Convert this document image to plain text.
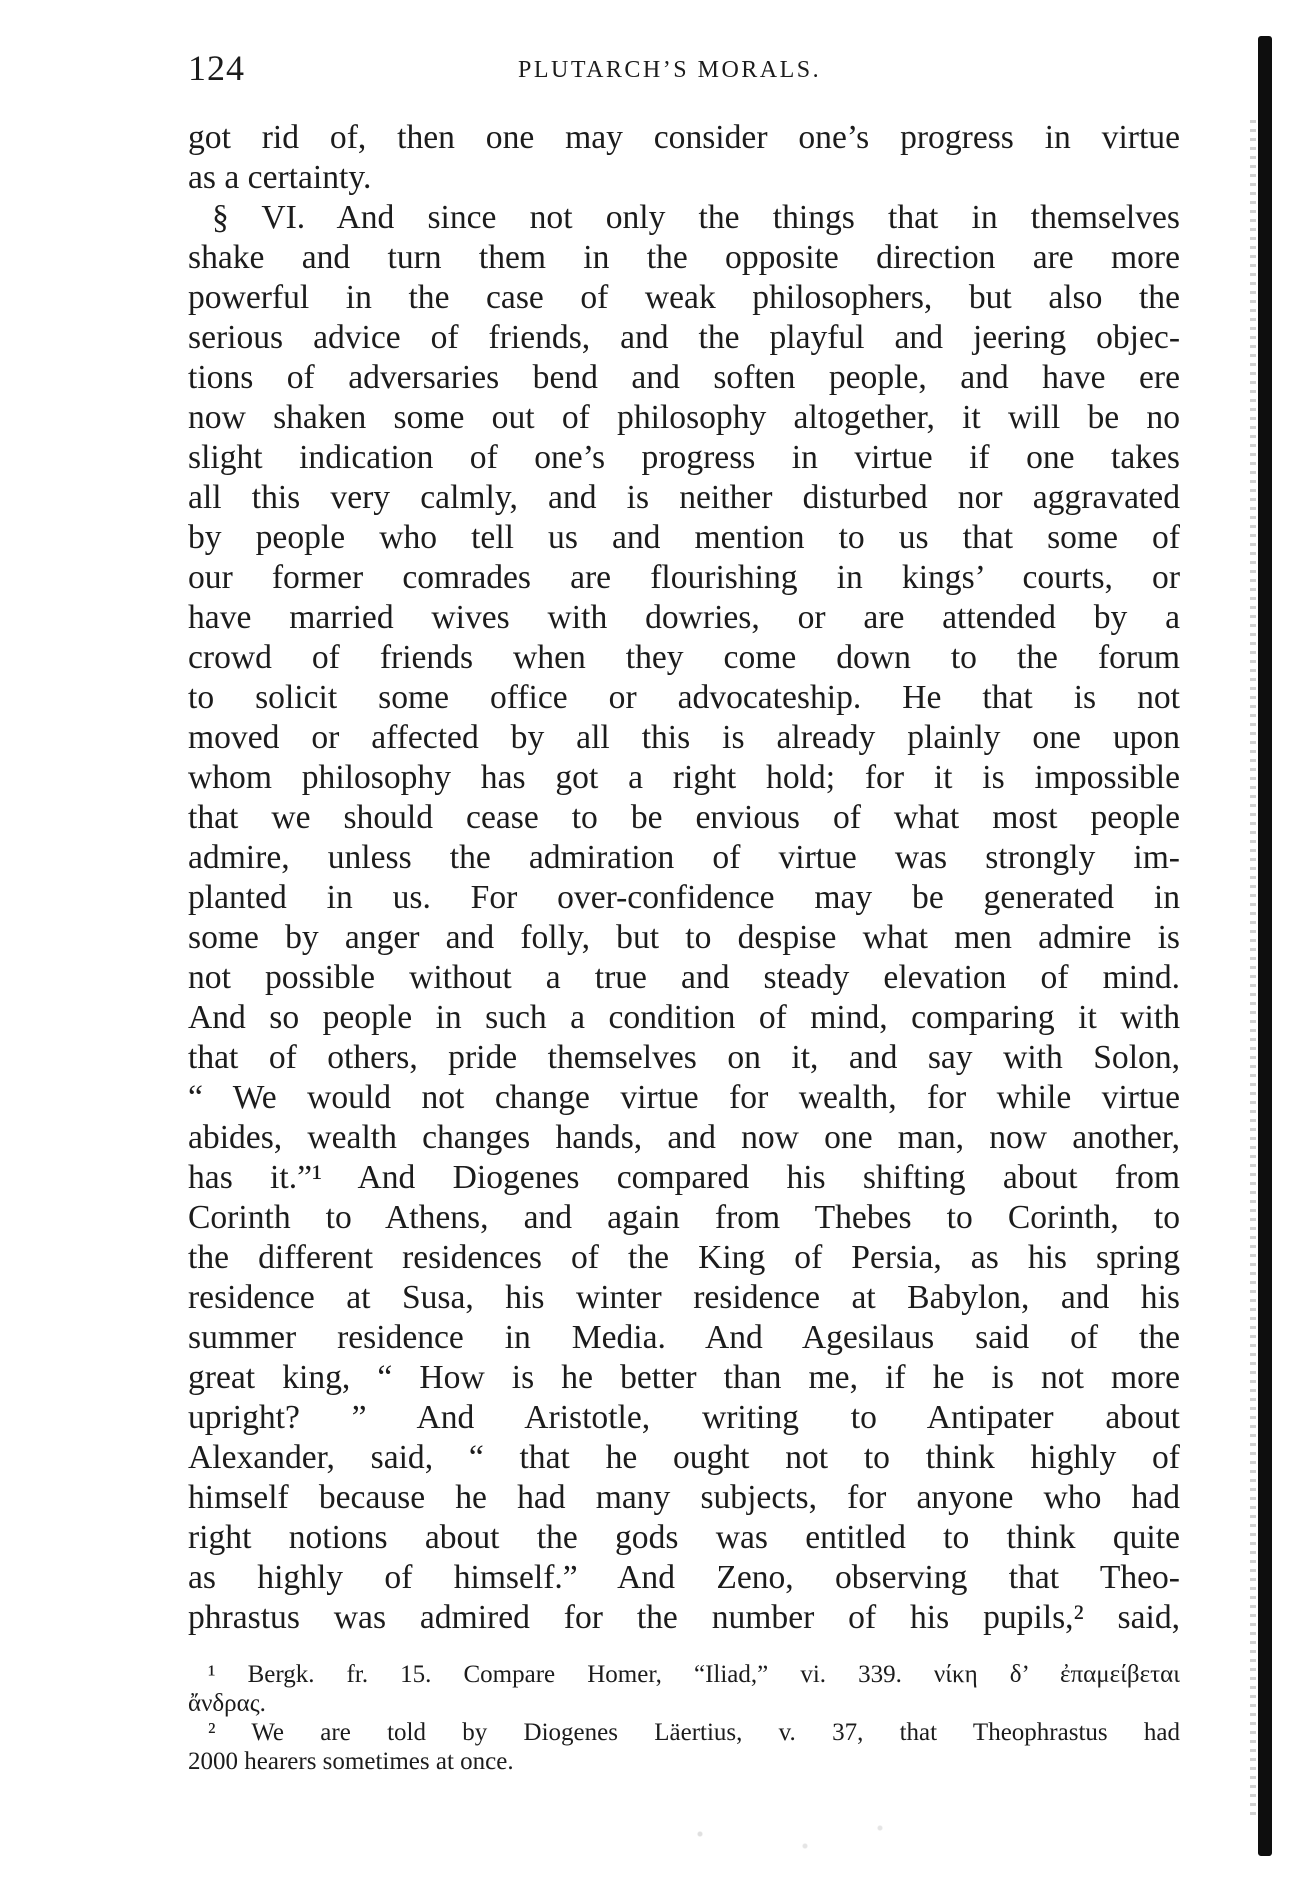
124	PLUTARCH’S MORALS.
got rid of, then one may consider one’s progress in virtue
as a certainty.
§ VI. And since not only the things that in themselves
shake and turn them in the opposite direction are more
powerful in the case of weak philosophers, but also the
serious advice of friends, and the playful and jeering objec-
tions of adversaries bend and soften people, and have ere
now shaken some out of philosophy altogether, it will be no
slight indication of one’s progress in virtue if one takes
all this very calmly, and is neither disturbed nor aggravated
by people who tell us and mention to us that some of
our former comrades are flourishing in kings’ courts, or
have married wives with dowries, or are attended by a
crowd of friends when they come down to the forum
to solicit some office or advocateship. He that is not
moved or affected by all this is already plainly one upon
whom philosophy has got a right hold; for it is impossible
that we should cease to be envious of what most people
admire, unless the admiration of virtue was strongly im-
planted in us. For over-confidence may be generated in
some by anger and folly, but to despise what men admire is
not possible without a true and steady elevation of mind.
And so people in such a condition of mind, comparing it with
that of others, pride themselves on it, and say with Solon,
“ We would not change virtue for wealth, for while virtue
abides, wealth changes hands, and now one man, now another,
has it.”¹ And Diogenes compared his shifting about from
Corinth to Athens, and again from Thebes to Corinth, to
the different residences of the King of Persia, as his spring
residence at Susa, his winter residence at Babylon, and his
summer residence in Media. And Agesilaus said of the
great king, “ How is he better than me, if he is not more
upright? ” And Aristotle, writing to Antipater about
Alexander, said, “ that he ought not to think highly of
himself because he had many subjects, for anyone who had
right notions about the gods was entitled to think quite
as highly of himself.” And Zeno, observing that Theo-
phrastus was admired for the number of his pupils,² said,
¹ Bergk. fr. 15. Compare Homer, “Iliad,” vi. 339. νίκη δ’ ἐπαμείβεται
ἄνδρας.
² We are told by Diogenes Läertius, v. 37, that Theophrastus had
2000 hearers sometimes at once.
